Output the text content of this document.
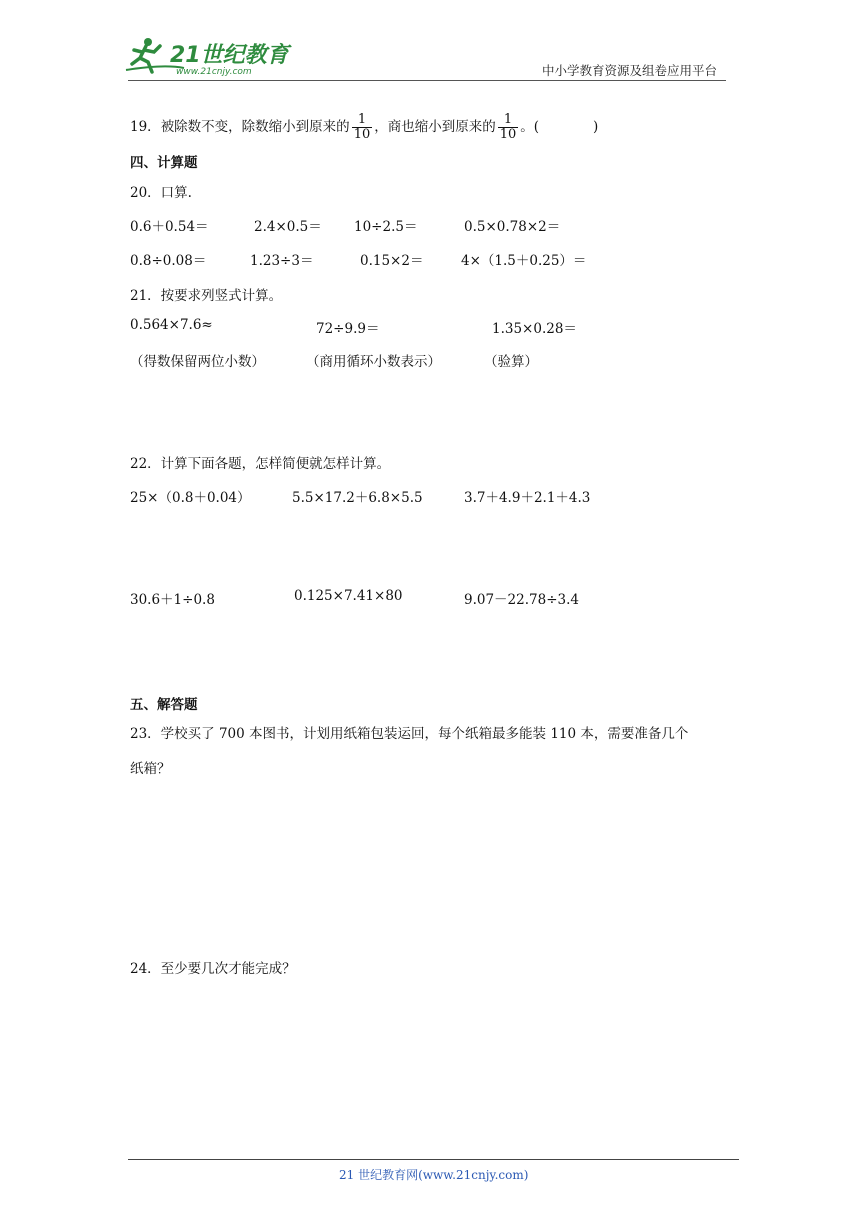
21世纪教育
www.21cnjy.com	中小学教育资源及组卷应用平台
19．被除数不变，除数缩小到原来的 $\frac{1}{10}$ ，商也缩小到原来的 $\frac{1}{10}$ 。(　　　　)
四、计算题
20．口算.
0.6＋0.54＝	2.4×0.5＝ 10÷2.5＝	0.5×0.78×2＝
0.8÷0.08＝	1.23÷3＝	0.15×2＝	4×（1.5＋0.25）＝
21．按要求列竖式计算。
0.564×7.6≈	72÷9.9＝	1.35×0.28＝
（得数保留两位小数）	（商用循环小数表示）	（验算）
22．计算下面各题，怎样简便就怎样计算。
25×（0.8＋0.04）	5.5×17.2＋6.8×5.5	3.7＋4.9＋2.1＋4.3
30.6＋1÷0.8	0.125×7.41×80	9.07－22.78÷3.4
五、解答题
23．学校买了 700 本图书，计划用纸箱包装运回，每个纸箱最多能装 110 本，需要准备几个
纸箱？
24．至少要几次才能完成？
21 世纪教育网(www.21cnjy.com)
